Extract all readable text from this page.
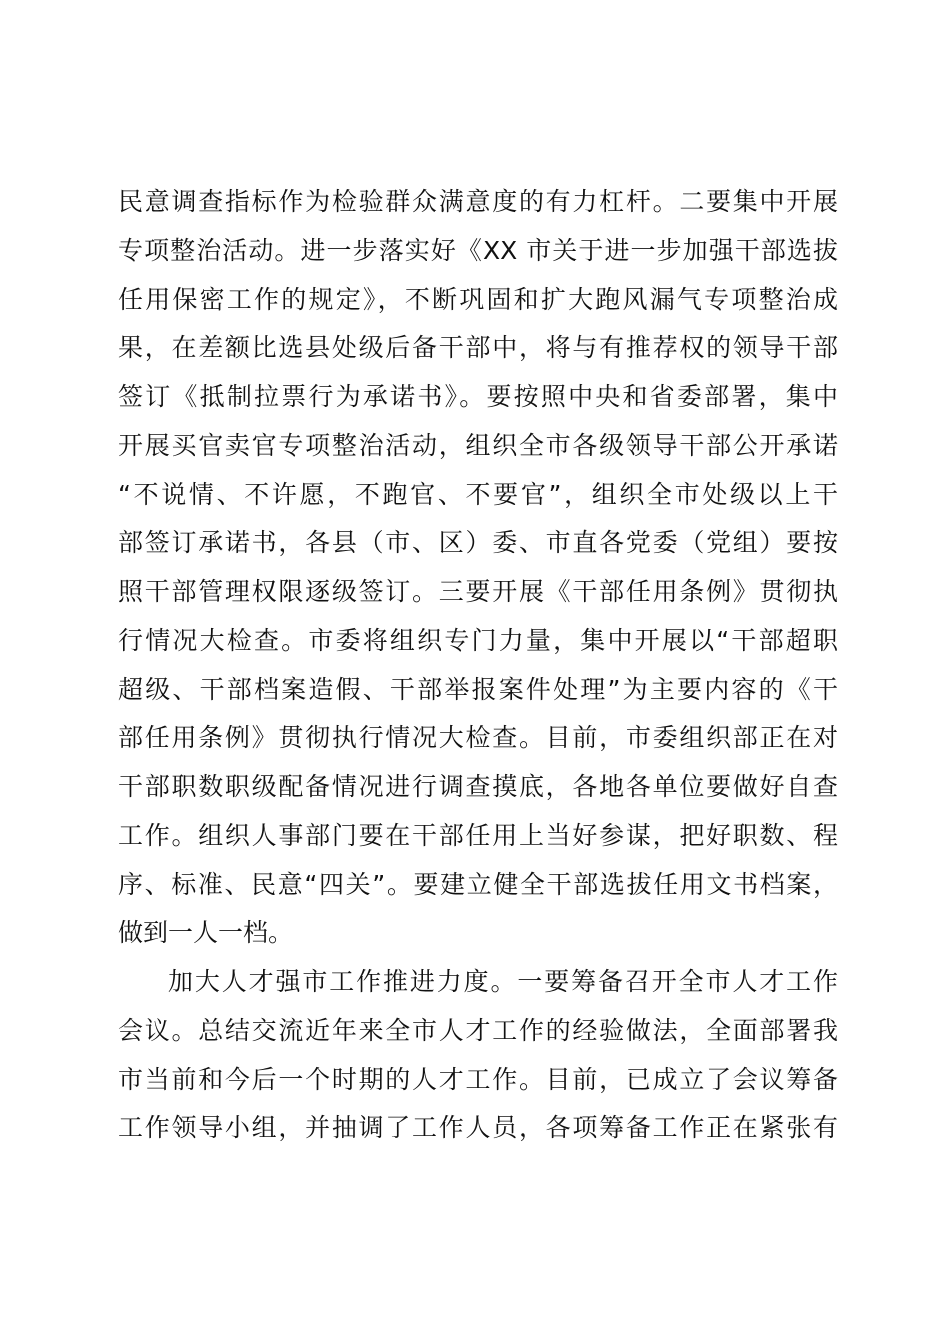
民意调查指标作为检验群众满意度的有力杠杆。二要集中开展
专项整治活动。进一步落实好《XX 市关于进一步加强干部选拔
任用保密工作的规定》，不断巩固和扩大跑风漏气专项整治成
果，在差额比选县处级后备干部中，将与有推荐权的领导干部
签订《抵制拉票行为承诺书》。要按照中央和省委部署，集中
开展买官卖官专项整治活动，组织全市各级领导干部公开承诺
“不说情、不许愿，不跑官、不要官”，组织全市处级以上干
部签订承诺书，各县（市、区）委、市直各党委（党组）要按
照干部管理权限逐级签订。三要开展《干部任用条例》贯彻执
行情况大检查。市委将组织专门力量，集中开展以“干部超职
超级、干部档案造假、干部举报案件处理”为主要内容的《干
部任用条例》贯彻执行情况大检查。目前，市委组织部正在对
干部职数职级配备情况进行调查摸底，各地各单位要做好自查
工作。组织人事部门要在干部任用上当好参谋，把好职数、程
序、标准、民意“四关”。要建立健全干部选拔任用文书档案，
做到一人一档。
加大人才强市工作推进力度。一要筹备召开全市人才工作
会议。总结交流近年来全市人才工作的经验做法，全面部署我
市当前和今后一个时期的人才工作。目前，已成立了会议筹备
工作领导小组，并抽调了工作人员，各项筹备工作正在紧张有
